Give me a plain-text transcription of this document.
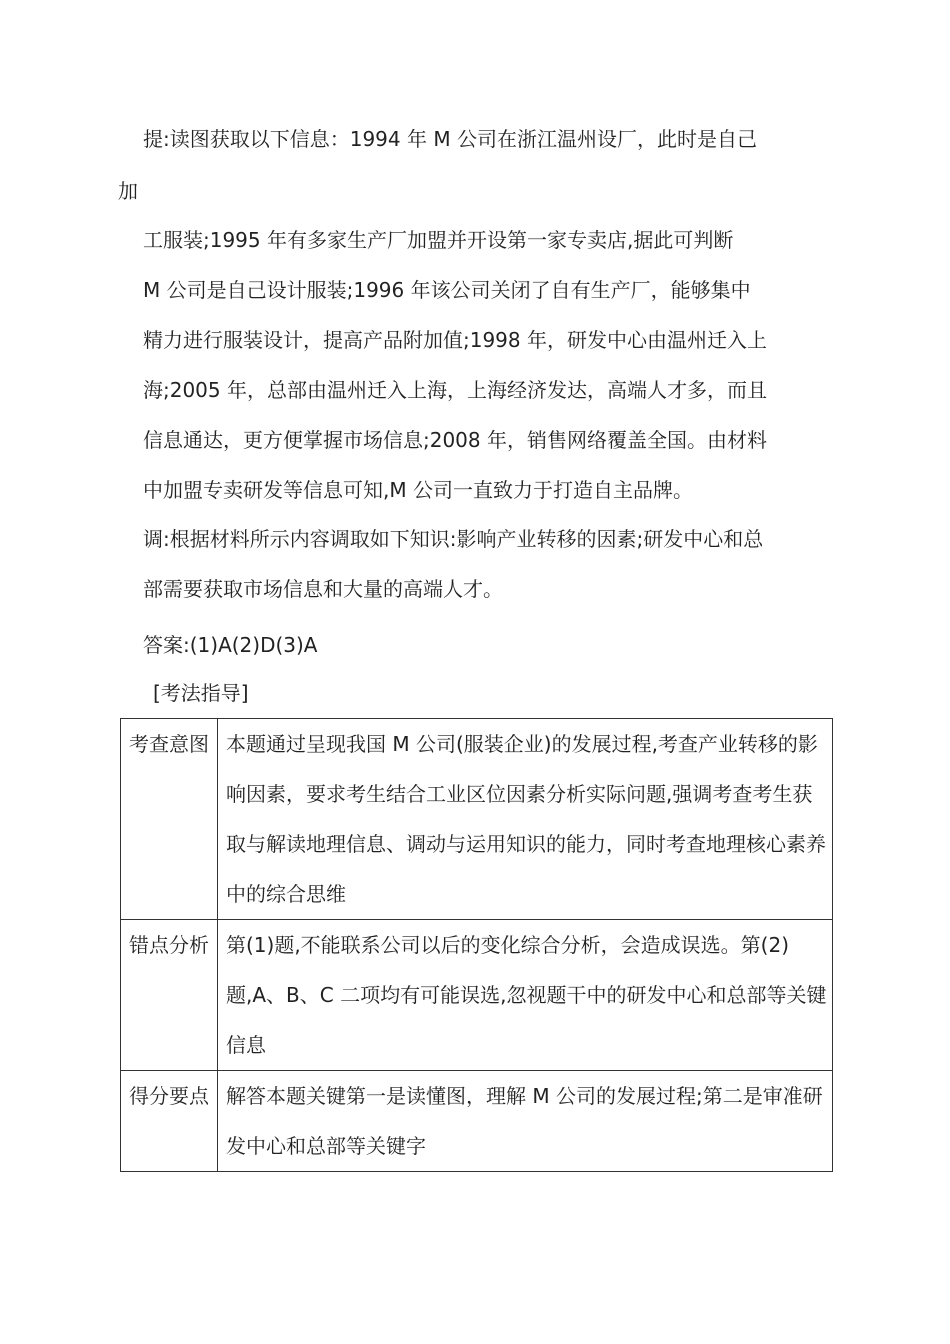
提:读图获取以下信息：1994 年 M 公司在浙江温州设厂，此时是自己

加

工服装;1995 年有多家生产厂加盟并开设第一家专卖店,据此可判断

M 公司是自己设计服装;1996 年该公司关闭了自有生产厂，能够集中

精力进行服装设计，提高产品附加值;1998 年，研发中心由温州迁入上

海;2005 年，总部由温州迁入上海，上海经济发达，高端人才多，而且

信息通达，更方便掌握市场信息;2008 年，销售网络覆盖全国。由材料

中加盟专卖研发等信息可知,M 公司一直致力于打造自主品牌。

调:根据材料所示内容调取如下知识:影响产业转移的因素;研发中心和总

部需要获取市场信息和大量的高端人才。

答案:(1)A(2)D(3)A

[考法指导]

考查意图	本题通过呈现我国 M 公司(服装企业)的发展过程,考查产业转移的影响因素，要求考生结合工业区位因素分析实际问题,强调考查考生获取与解读地理信息、调动与运用知识的能力，同时考查地理核心素养中的综合思维
错点分析	第(1)题,不能联系公司以后的变化综合分析，会造成误选。第(2)题,A、B、C 二项均有可能误选,忽视题干中的研发中心和总部等关键信息
得分要点	解答本题关键第一是读懂图，理解 M 公司的发展过程;第二是审准研发中心和总部等关键字
